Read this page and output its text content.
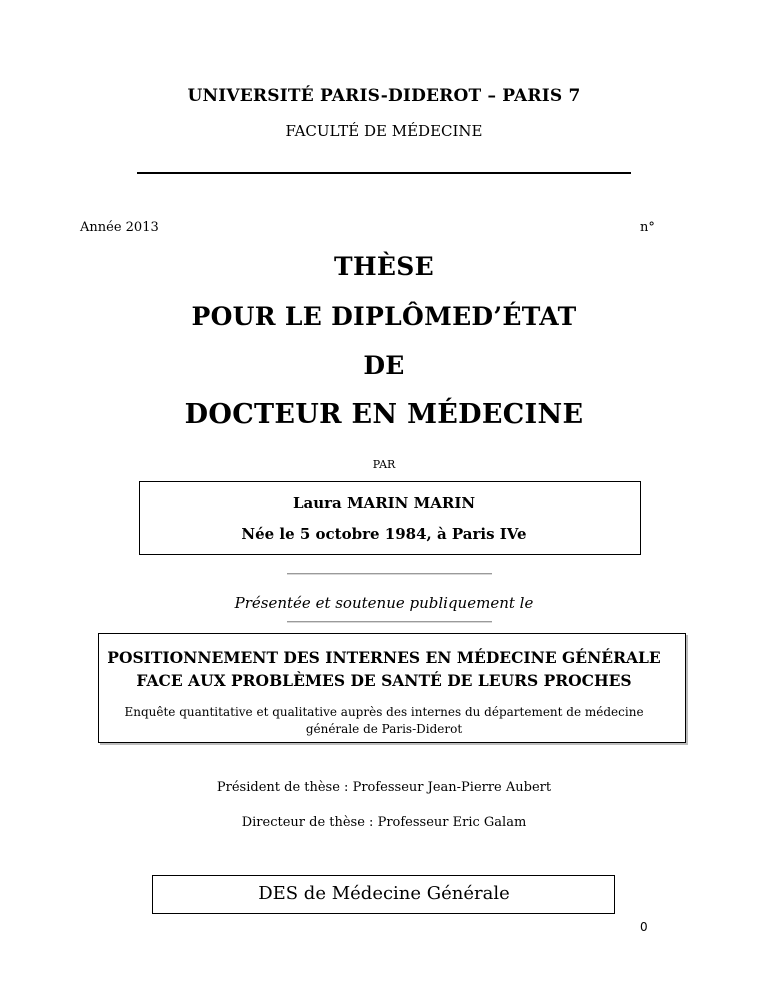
UNIVERSITÉ PARIS-DIDEROT – PARIS 7
FACULTÉ DE MÉDECINE
Année 2013	n°
THÈSE
POUR LE DIPLÔMED’ÉTAT
DE
DOCTEUR EN MÉDECINE
PAR
Laura MARIN MARIN
Née le 5 octobre 1984, à Paris IVe
Présentée et soutenue publiquement le
POSITIONNEMENT DES INTERNES EN MÉDECINE GÉNÉRALE
FACE AUX PROBLÈMES DE SANTÉ DE LEURS PROCHES
Enquête quantitative et qualitative auprès des internes du département de médecine
générale de Paris-Diderot
Président de thèse : Professeur Jean-Pierre Aubert
Directeur de thèse : Professeur Eric Galam
DES de Médecine Générale
0
